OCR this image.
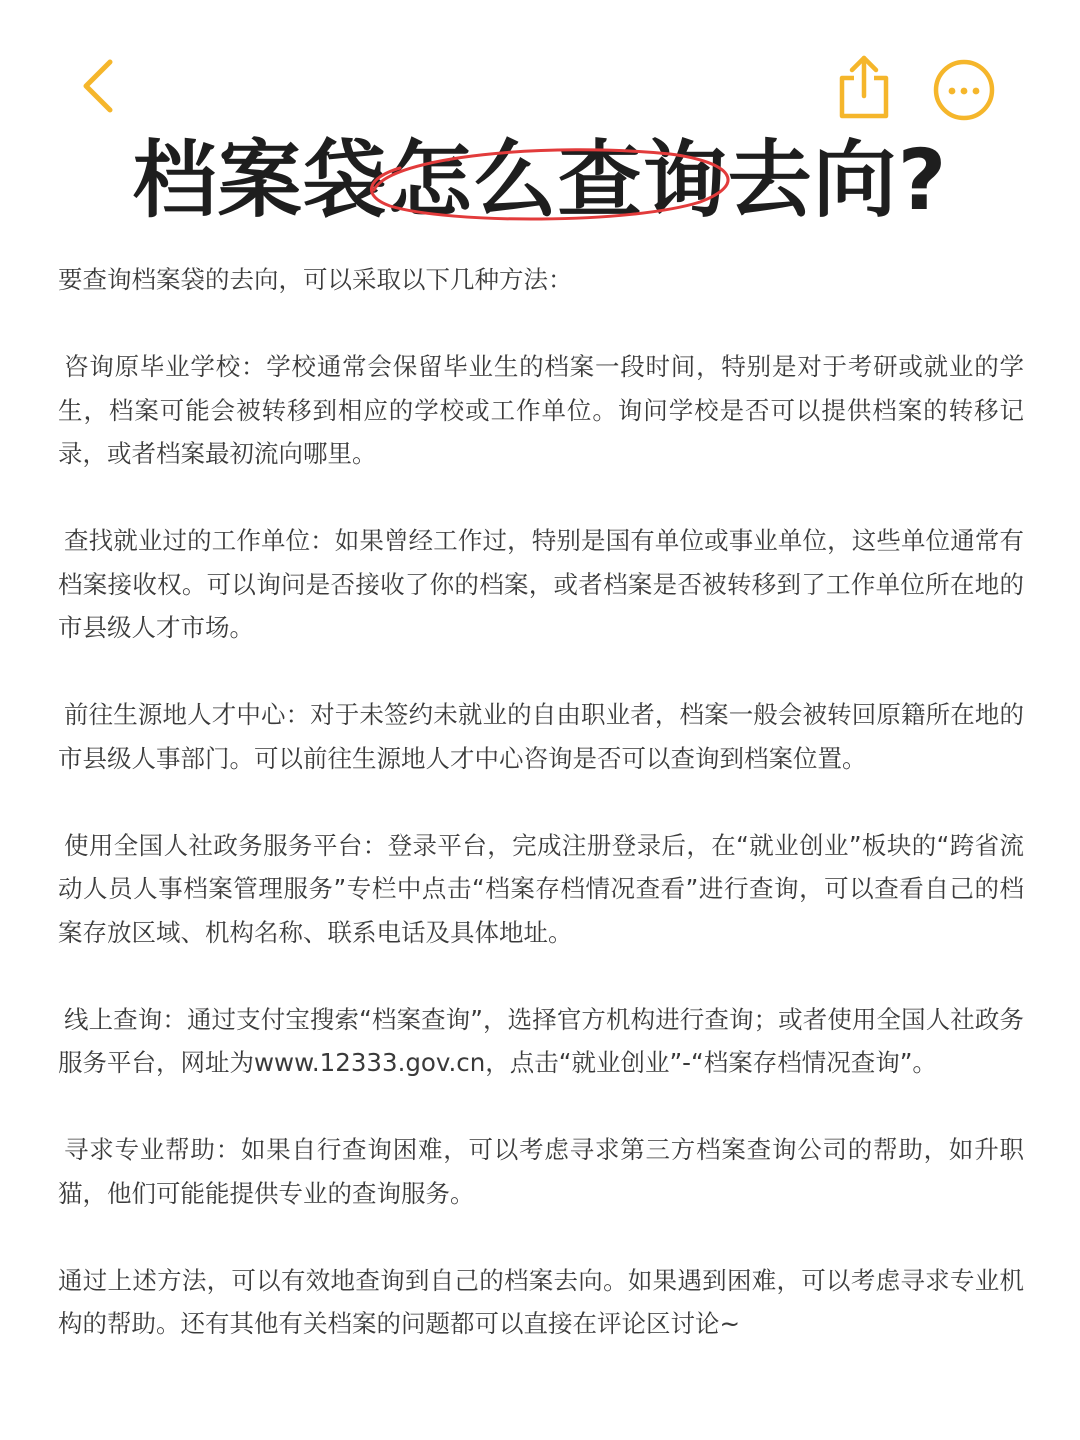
档案袋怎么查询去向?

要查询档案袋的去向，可以采取以下几种方法：

咨询原毕业学校：学校通常会保留毕业生的档案一段时间，特别是对于考研或就业的学生，档案可能会被转移到相应的学校或工作单位。询问学校是否可以提供档案的转移记录，或者档案最初流向哪里。

查找就业过的工作单位：如果曾经工作过，特别是国有单位或事业单位，这些单位通常有档案接收权。可以询问是否接收了你的档案，或者档案是否被转移到了工作单位所在地的市县级人才市场。

前往生源地人才中心：对于未签约未就业的自由职业者，档案一般会被转回原籍所在地的市县级人事部门。可以前往生源地人才中心咨询是否可以查询到档案位置。

使用全国人社政务服务平台：登录平台，完成注册登录后，在“就业创业”板块的“跨省流动人员人事档案管理服务”专栏中点击“档案存档情况查看”进行查询，可以查看自己的档案存放区域、机构名称、联系电话及具体地址。

线上查询：通过支付宝搜索“档案查询”，选择官方机构进行查询；或者使用全国人社政务服务平台，网址为www.12333.gov.cn，点击“就业创业”-“档案存档情况查询”。

寻求专业帮助：如果自行查询困难，可以考虑寻求第三方档案查询公司的帮助，如升职猫，他们可能能提供专业的查询服务。

通过上述方法，可以有效地查询到自己的档案去向。如果遇到困难，可以考虑寻求专业机构的帮助。还有其他有关档案的问题都可以直接在评论区讨论~
